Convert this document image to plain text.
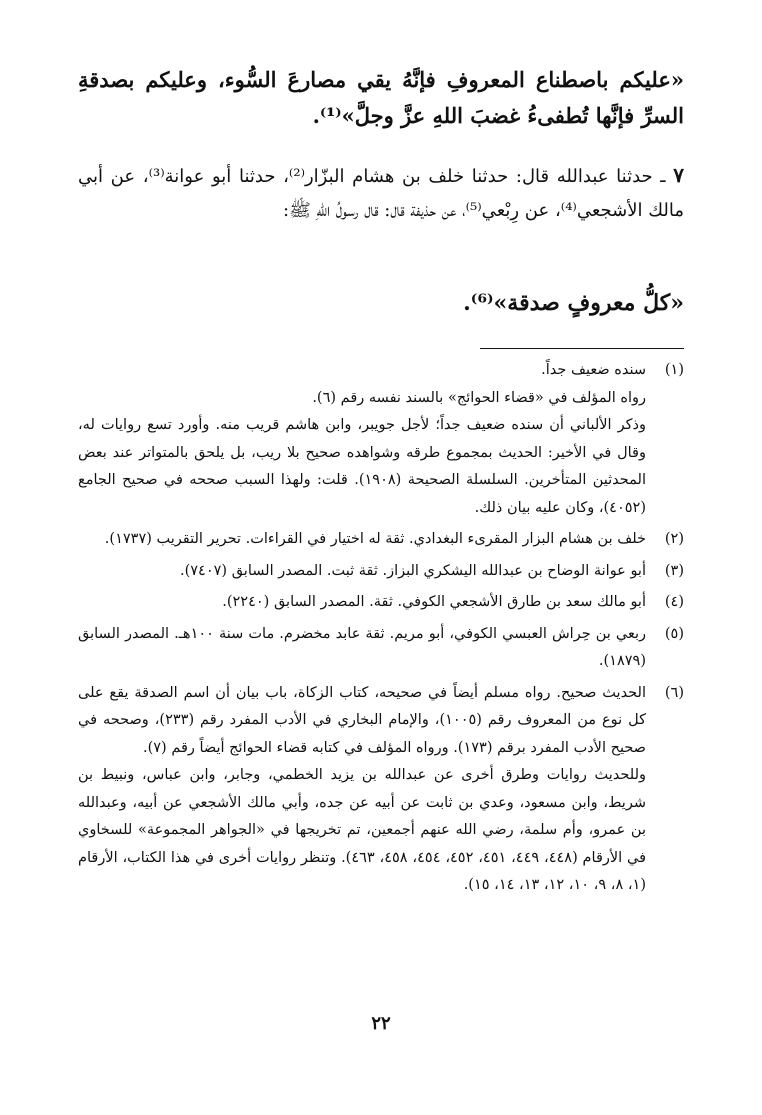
«عليكم باصطناع المعروفِ فإنَّهُ يقي مصارعَ السُّوء، وعليكم بصدقةِ السرِّ فإنَّها تُطفىءُ غضبَ اللهِ عزَّ وجلَّ»⁽¹⁾.
٧ ـ حدثنا عبدالله قال: حدثنا خلف بن هشام البزّار⁽²⁾، حدثنا أبو عوانة⁽³⁾، عن أبي مالك الأشجعي⁽⁴⁾، عن رِبْعي⁽⁵⁾، عن حذيفة قال: قال رسولُ اللهِ ﷺ:
«كلُّ معروفٍ صدقة»⁽⁶⁾.
(١)

سنده ضعيف جداً.

رواه المؤلف في «قضاء الحوائج» بالسند نفسه رقم (٦).

وذكر الألباني أن سنده ضعيف جداً؛ لأجل جويبر، وابن هاشم قريب منه. وأورد تسع روايات له، وقال في الأخير: الحديث بمجموع طرقه وشواهده صحيح بلا ريب، بل يلحق بالمتواتر عند بعض المحدثين المتأخرين. السلسلة الصحيحة (١٩٠٨). قلت: ولهذا السبب صححه في صحيح الجامع (٤٠٥٢)، وكان عليه بيان ذلك.

(٢)

خلف بن هشام البزار المقرىء البغدادي. ثقة له اختيار في القراءات. تحرير التقريب (١٧٣٧).

(٣)

أبو عوانة الوضاح بن عبدالله اليشكري البزاز. ثقة ثبت. المصدر السابق (٧٤٠٧).

(٤)

أبو مالك سعد بن طارق الأشجعي الكوفي. ثقة. المصدر السابق (٢٢٤٠).

(٥)

ربعي بن حِراش العبسي الكوفي، أبو مريم. ثقة عابد مخضرم. مات سنة ١٠٠هـ. المصدر السابق (١٨٧٩).

(٦)

الحديث صحيح. رواه مسلم أيضاً في صحيحه، كتاب الزكاة، باب بيان أن اسم الصدقة يقع على كل نوع من المعروف رقم (١٠٠٥)، والإمام البخاري في الأدب المفرد رقم (٢٣٣)، وصححه في صحيح الأدب المفرد برقم (١٧٣). ورواه المؤلف في كتابه قضاء الحوائج أيضاً رقم (٧).

وللحديث روايات وطرق أخرى عن عبدالله بن يزيد الخطمي، وجابر، وابن عباس، ونبيط بن شريط، وابن مسعود، وعدي بن ثابت عن أبيه عن جده، وأبي مالك الأشجعي عن أبيه، وعبدالله بن عمرو، وأم سلمة، رضي الله عنهم أجمعين، تم تخريجها في «الجواهر المجموعة» للسخاوي في الأرقام (٤٤٨، ٤٤٩، ٤٥١، ٤٥٢، ٤٥٤، ٤٥٨، ٤٦٣). وتنظر روايات أخرى في هذا الكتاب، الأرقام (١، ٨، ٩، ١٠، ١٢، ١٣، ١٤، ١٥).

٢٢
